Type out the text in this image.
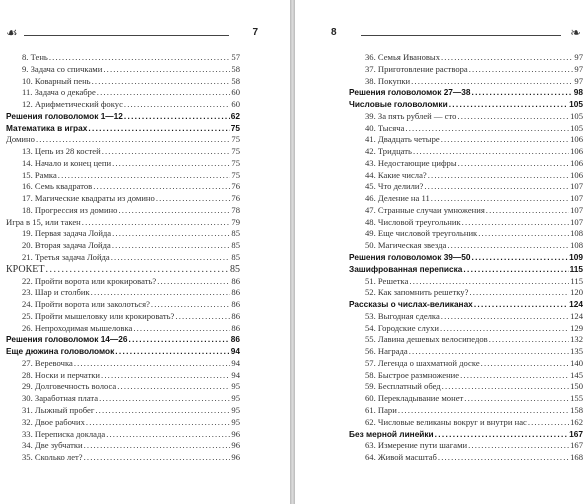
☙	7
8. Тень . . .	57
9. Задача со спичками . . .	58
10. Коварный пень . . .	58
11. Задача о декабре . . .	60
12. Арифметический фокус . . .	60
Решения головоломок 1—12 . . .	62
Математика в играх . . .	75
Домино . . .	75
13. Цепь из 28 костей . . .	75
14. Начало и конец цепи . . .	75
15. Рамка . . .	75
16. Семь квадратов . . .	76
17. Магические квадраты из домино . . .	76
18. Прогрессия из домино . . .	78
Игра в 15, или такен . . .	79
19. Первая задача Лойда . . .	85
20. Вторая задача Лойда . . .	85
21. Третья задача Лойда . . .	85
КРОКЕТ . . .	85
22. Пройти ворота или крокировать? . . .	86
23. Шар и столбик . . .	86
24. Пройти ворота или заколоться? . . .	86
25. Пройти мышеловку или крокировать? . . .	86
26. Непроходимая мышеловка . . .	86
Решения головоломок 14—26 . . .	86
Еще дюжина головоломок . . .	94
27. Веревочка . . .	94
28. Носки и перчатки . . .	94
29. Долговечность волоса . . .	95
30. Заработная плата . . .	95
31. Лыжный пробег . . .	95
32. Двое рабочих . . .	95
33. Переписка доклада . . .	96
34. Две зубчатки . . .	96
35. Сколько лет? . . .	96
8	❧
36. Семья Ивановых . . .	97
37. Приготовление раствора . . .	97
38. Покупки . . .	97
Решения головоломок 27—38 . . .	98
Числовые головоломки . . .	105
39. За пять рублей — сто . . .	105
40. Тысяча . . .	105
41. Двадцать четыре . . .	106
42. Тридцать . . .	106
43. Недостающие цифры . . .	106
44. Какие числа? . . .	106
45. Что делили? . . .	107
46. Деление на 11 . . .	107
47. Странные случаи умножения . . .	107
48. Числовой треугольник . . .	107
49. Еще числовой треугольник . . .	108
50. Магическая звезда . . .	108
Решения головоломок 39—50 . . .	109
Зашифрованная переписка . . .	115
51. Решетка . . .	115
52. Как запомнить решетку? . . .	120
Рассказы о числах-великанах . . .	124
53. Выгодная сделка . . .	124
54. Городские слухи . . .	129
55. Лавина дешевых велосипедов . . .	132
56. Награда . . .	135
57. Легенда о шахматной доске . . .	140
58. Быстрое размножение . . .	145
59. Бесплатный обед . . .	150
60. Перекладывание монет . . .	155
61. Пари . . .	158
62. Числовые великаны вокруг и внутри нас . . .	162
Без мерной линейки . . .	167
63. Измерение пути шагами . . .	167
64. Живой масштаб . . .	168
